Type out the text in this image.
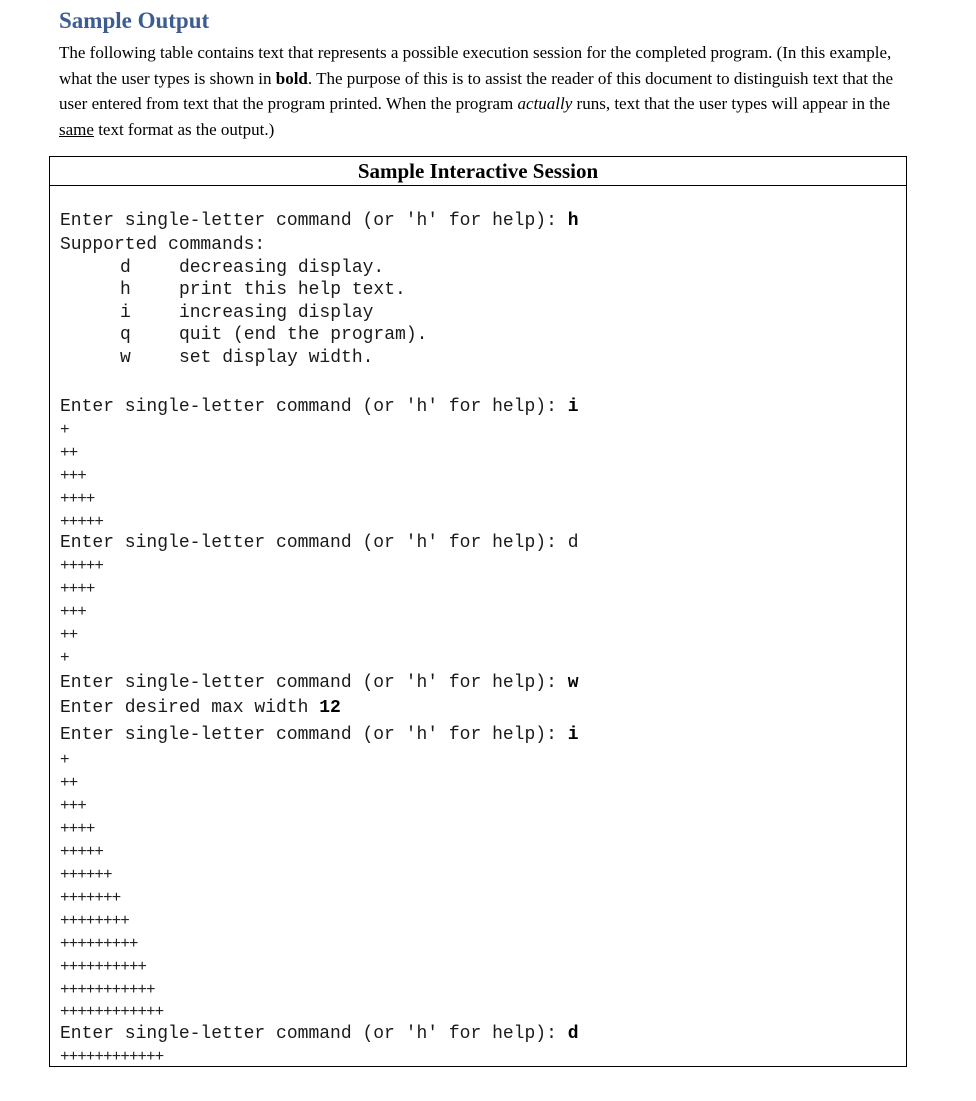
Sample Output
The following table contains text that represents a possible execution session for the completed program. (In this example, what the user types is shown in bold. The purpose of this is to assist the reader of this document to distinguish text that the user entered from text that the program printed. When the program actually runs, text that the user types will appear in the same text format as the output.)
Sample Interactive Session
Enter single-letter command (or 'h' for help): h
Supported commands:
d	decreasing display.
h	print this help text.
i	increasing display
q	quit (end the program).
w	set display width.
Enter single-letter command (or 'h' for help): i
+
++
+++
++++
+++++
Enter single-letter command (or 'h' for help): d
+++++
++++
+++
++
+
Enter single-letter command (or 'h' for help): w
Enter desired max width 12
Enter single-letter command (or 'h' for help): i
+
++
+++
++++
+++++
++++++
+++++++
++++++++
+++++++++
++++++++++
+++++++++++
++++++++++++
Enter single-letter command (or 'h' for help): d
++++++++++++
